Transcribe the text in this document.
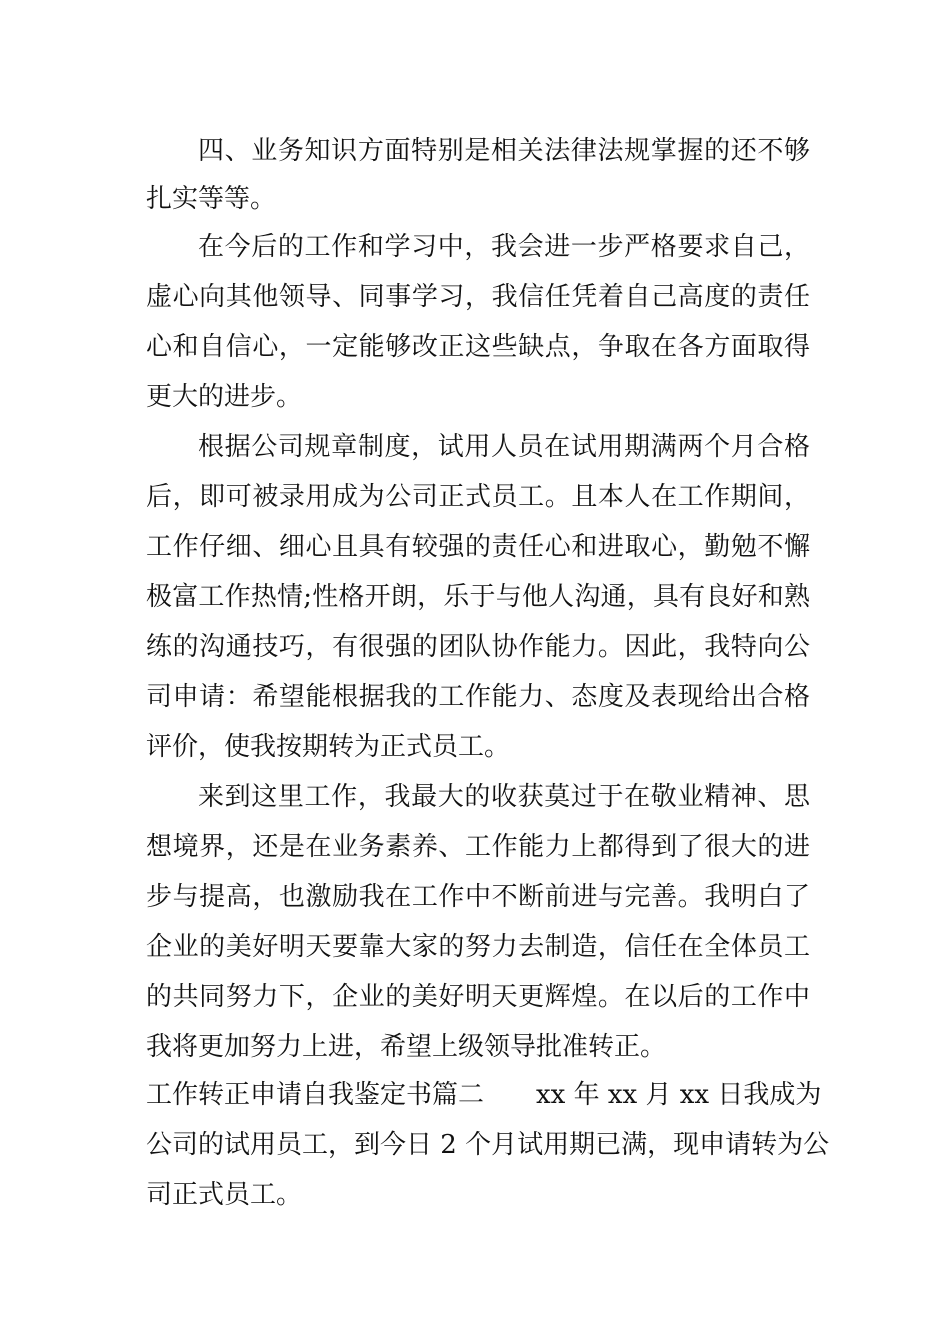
四、业务知识方面特别是相关法律法规掌握的还不够
扎实等等。
在今后的工作和学习中，我会进一步严格要求自己，
虚心向其他领导、同事学习，我信任凭着自己高度的责任
心和自信心，一定能够改正这些缺点，争取在各方面取得
更大的进步。
根据公司规章制度，试用人员在试用期满两个月合格
后，即可被录用成为公司正式员工。且本人在工作期间，
工作仔细、细心且具有较强的责任心和进取心，勤勉不懈
极富工作热情;性格开朗，乐于与他人沟通，具有良好和熟
练的沟通技巧，有很强的团队协作能力。因此，我特向公
司申请：希望能根据我的工作能力、态度及表现给出合格
评价，使我按期转为正式员工。
来到这里工作，我最大的收获莫过于在敬业精神、思
想境界，还是在业务素养、工作能力上都得到了很大的进
步与提高，也激励我在工作中不断前进与完善。我明白了
企业的美好明天要靠大家的努力去制造，信任在全体员工
的共同努力下，企业的美好明天更辉煌。在以后的工作中
我将更加努力上进，希望上级领导批准转正。
工作转正申请自我鉴定书篇二 xx 年 xx 月 xx 日我成为
公司的试用员工，到今日 2 个月试用期已满，现申请转为公
司正式员工。
